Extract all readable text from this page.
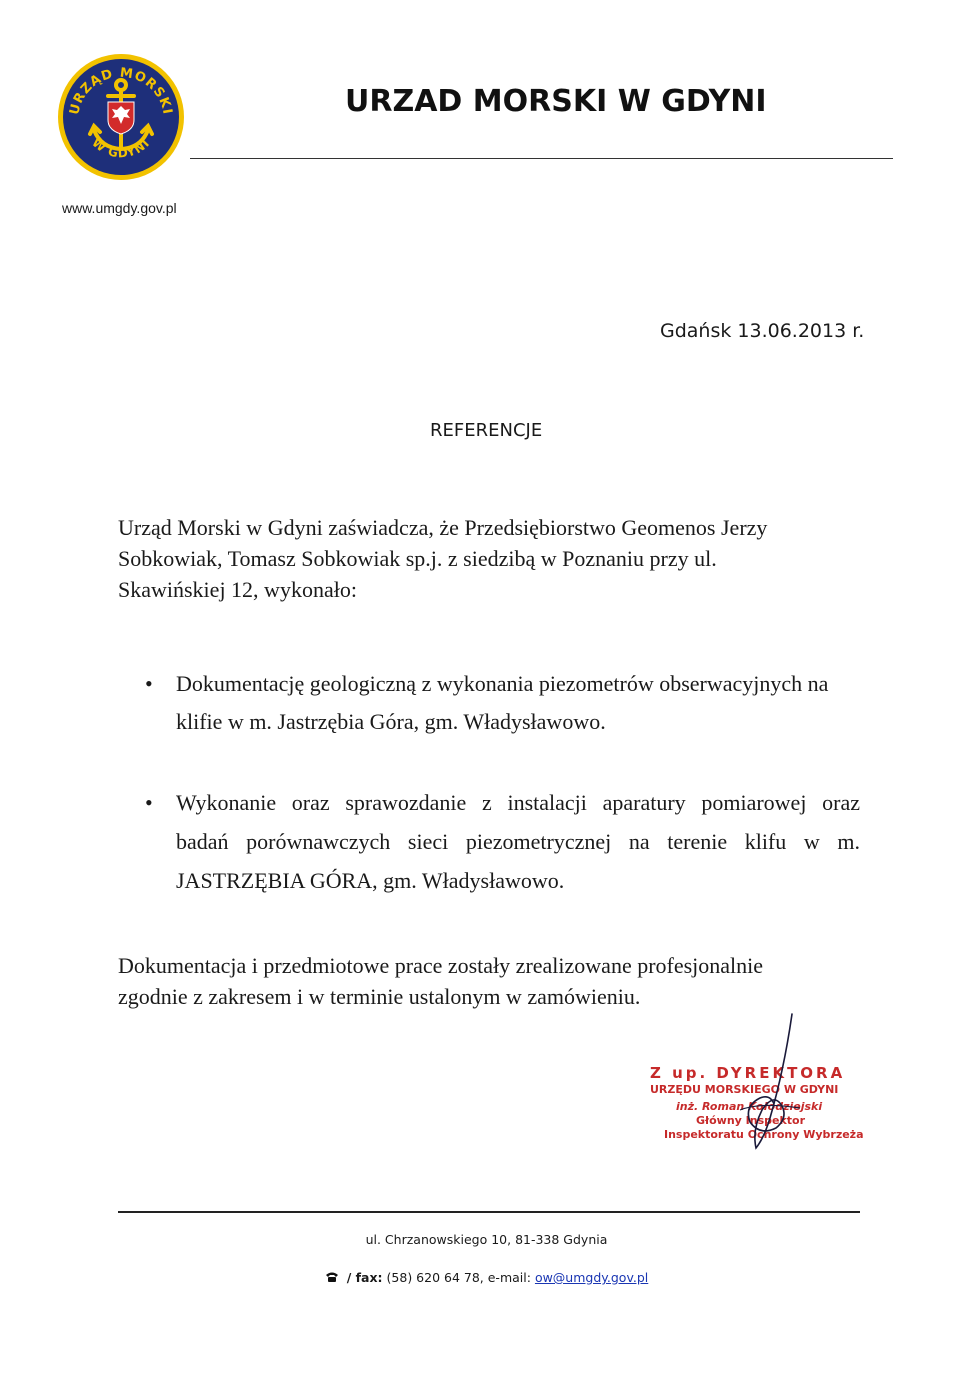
URZĄD MORSKI
W GDYNI
www.umgdy.gov.pl
URZAD MORSKI W GDYNI
Gdańsk 13.06.2013 r.
REFERENCJE
Urząd Morski w Gdyni zaświadcza, że Przedsiębiorstwo Geomenos Jerzy
Sobkowiak, Tomasz Sobkowiak sp.j. z siedzibą w Poznaniu przy ul.
Skawińskiej 12, wykonało:
• Dokumentację geologiczną z wykonania piezometrów obserwacyjnych na
klifie w m. Jastrzębia Góra, gm. Władysławowo.
• Wykonanie oraz sprawozdanie z instalacji aparatury pomiarowej oraz
badań porównawczych sieci piezometrycznej na terenie klifu w m.
JASTRZĘBIA GÓRA, gm. Władysławowo.
Dokumentacja i przedmiotowe prace zostały zrealizowane profesjonalnie
zgodnie z zakresem i w terminie ustalonym w zamówieniu.
Z up. DYREKTORA
URZĘDU MORSKIEGO W GDYNI
inż. Roman Kołodziejski
Główny Inspektor
Inspektoratu Ochrony Wybrzeża
ul. Chrzanowskiego 10, 81-338 Gdynia
/ fax: (58) 620 64 78, e-mail: ow@umgdy.gov.pl
